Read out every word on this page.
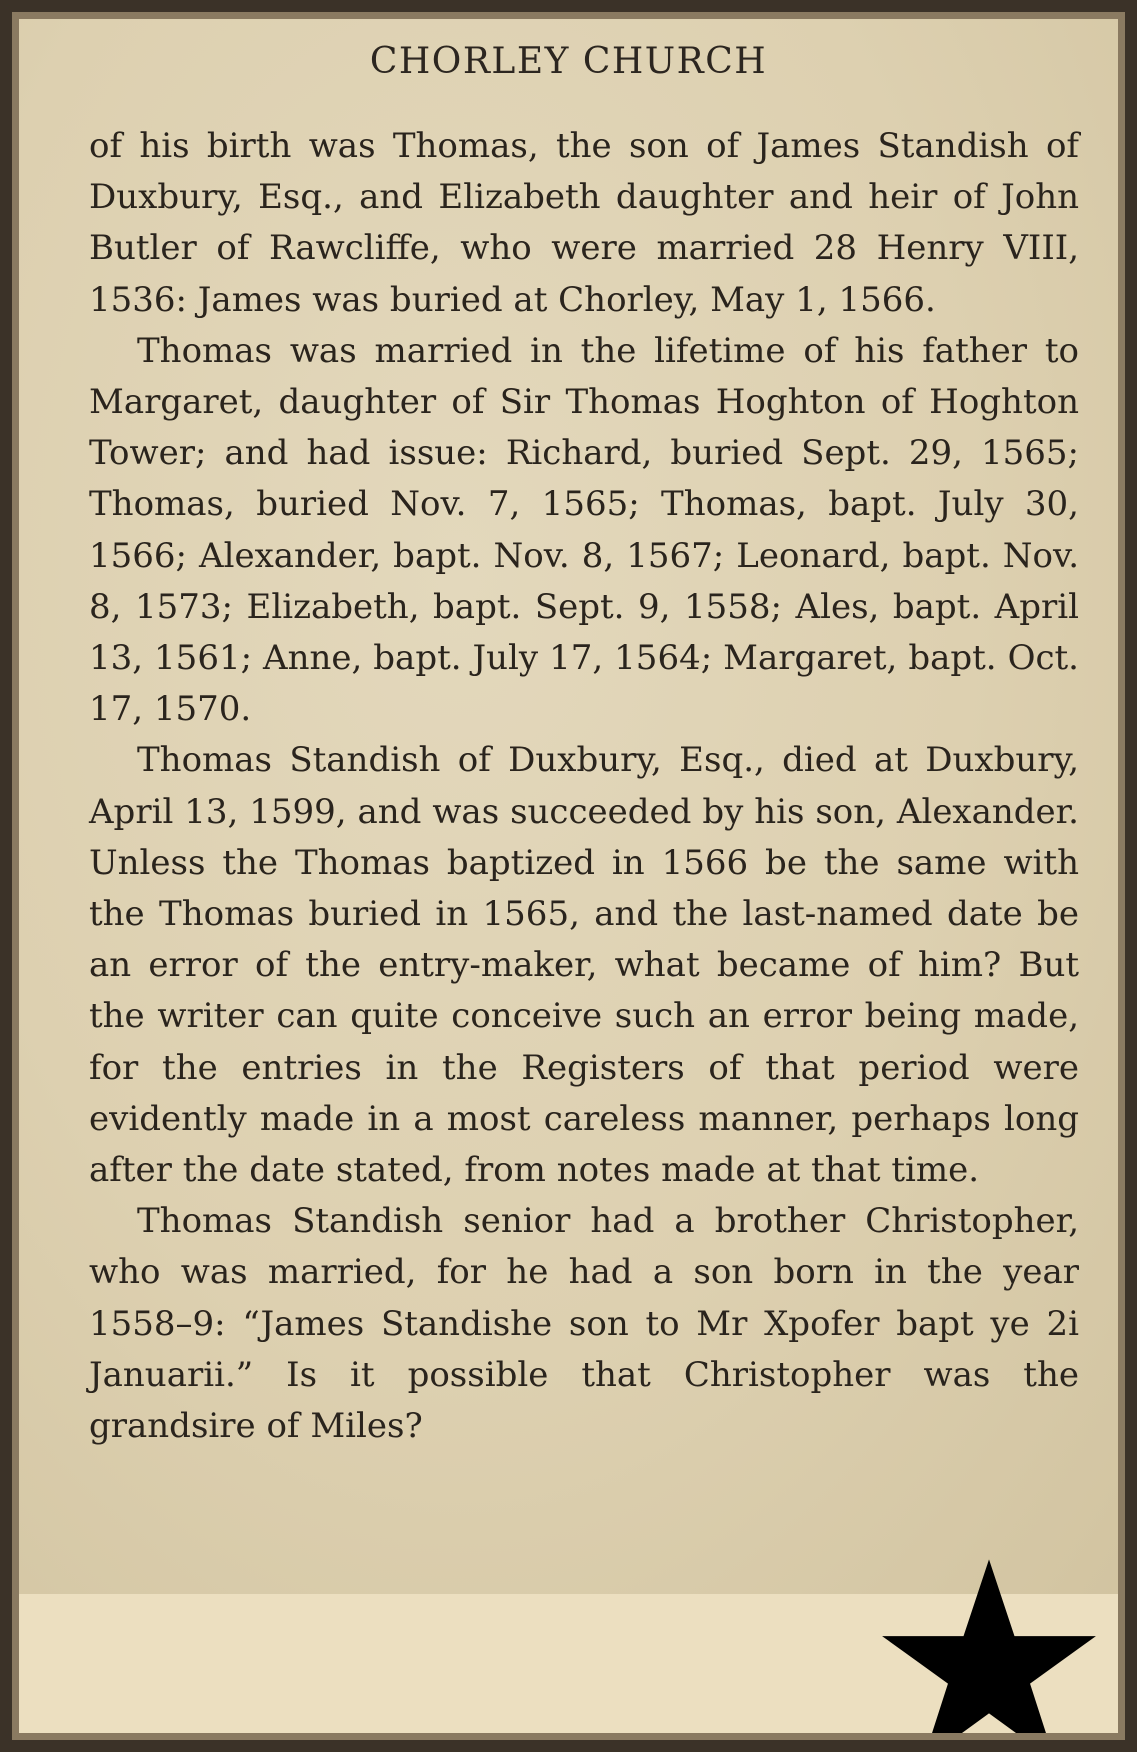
CHORLEY CHURCH

of his birth was Thomas, the son of James Standish of Duxbury, Esq., and Elizabeth daughter and heir of John Butler of Rawcliffe, who were married 28 Henry VIII, 1536: James was buried at Chorley, May 1, 1566.

Thomas was married in the lifetime of his father to Margaret, daughter of Sir Thomas Hoghton of Hoghton Tower; and had issue: Richard, buried Sept. 29, 1565; Thomas, buried Nov. 7, 1565; Thomas, bapt. July 30, 1566; Alexander, bapt. Nov. 8, 1567; Leonard, bapt. Nov. 8, 1573; Elizabeth, bapt. Sept. 9, 1558; Ales, bapt. April 13, 1561; Anne, bapt. July 17, 1564; Margaret, bapt. Oct. 17, 1570.

Thomas Standish of Duxbury, Esq., died at Duxbury, April 13, 1599, and was succeeded by his son, Alexander. Unless the Thomas baptized in 1566 be the same with the Thomas buried in 1565, and the last-named date be an error of the entry-maker, what became of him? But the writer can quite conceive such an error being made, for the entries in the Registers of that period were evidently made in a most careless manner, perhaps long after the date stated, from notes made at that time.

Thomas Standish senior had a brother Christopher, who was married, for he had a son born in the year 1558–9: “James Standishe son to Mr Xpofer bapt ye 2i Januarii.” Is it possible that Christopher was the grandsire of Miles?
